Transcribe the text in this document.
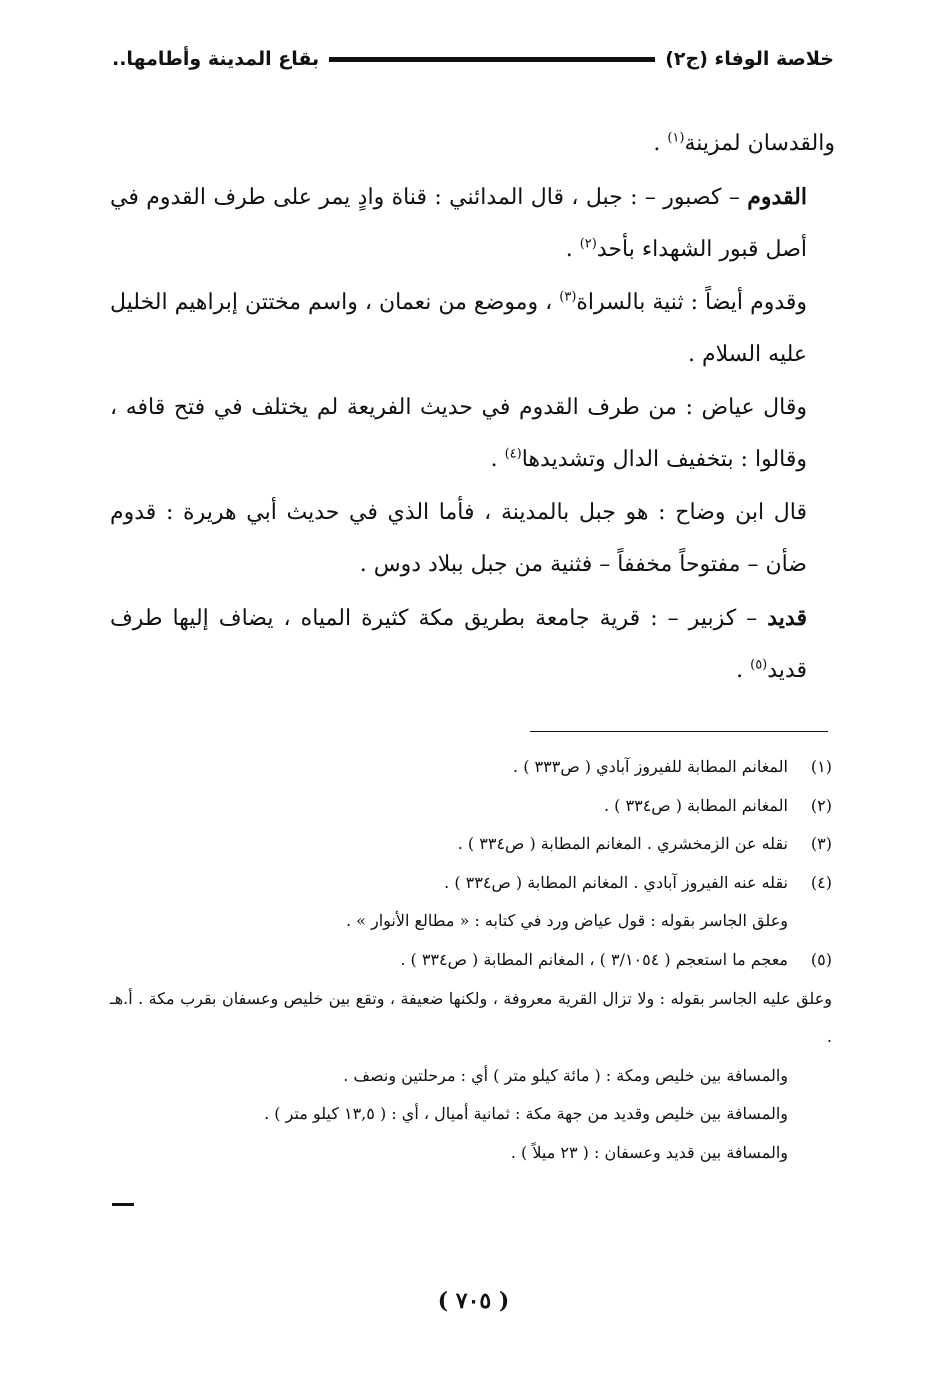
خلاصة الوفاء (ج٢)
بقاع المدينة وأطامها..

والقدسان لمزينة$^{(١)}$ .

القدوم – كصبور – : جبل ، قال المدائني : قناة وادٍ يمر على طرف القدوم في أصل قبور الشهداء بأحد$^{(٢)}$ .

وقدوم أيضاً : ثنية بالسراة$^{(٣)}$ ، وموضع من نعمان ، واسم مختتن إبراهيم الخليل عليه السلام .

وقال عياض : من طرف القدوم في حديث الفريعة لم يختلف في فتح قافه ، وقالوا : بتخفيف الدال وتشديدها$^{(٤)}$ .

قال ابن وضاح : هو جبل بالمدينة ، فأما الذي في حديث أبي هريرة : قدوم ضأن – مفتوحاً مخففاً – فثنية من جبل ببلاد دوس .

قديد – كزبير – : قرية جامعة بطريق مكة كثيرة المياه ، يضاف إليها طرف قديد$^{(٥)}$ .

(١)
المغانم المطابة للفيروز آبادي ( ص٣٣٣ ) .
(٢)
المغانم المطابة ( ص٣٣٤ ) .
(٣)
نقله عن الزمخشري . المغانم المطابة ( ص٣٣٤ ) .
(٤)
نقله عنه الفيروز آبادي . المغانم المطابة ( ص٣٣٤ ) .
وعلق الجاسر بقوله : قول عياض ورد في كتابه : « مطالع الأنوار » .
(٥)
معجم ما استعجم ( ٣/١٠٥٤ ) ، المغانم المطابة ( ص٣٣٤ ) .
وعلق عليه الجاسر بقوله : ولا تزال القرية معروفة ، ولكنها ضعيفة ، وتقع بين خليص وعسفان بقرب مكة . أ.هـ .
والمسافة بين خليص ومكة : ( مائة كيلو متر ) أي : مرحلتين ونصف .
والمسافة بين خليص وقديد من جهة مكة : ثمانية أميال ، أي : ( ١٣,٥ كيلو متر ) .
والمسافة بين قديد وعسفان : ( ٢٣ ميلاً ) .
( ٧٠٥ )
